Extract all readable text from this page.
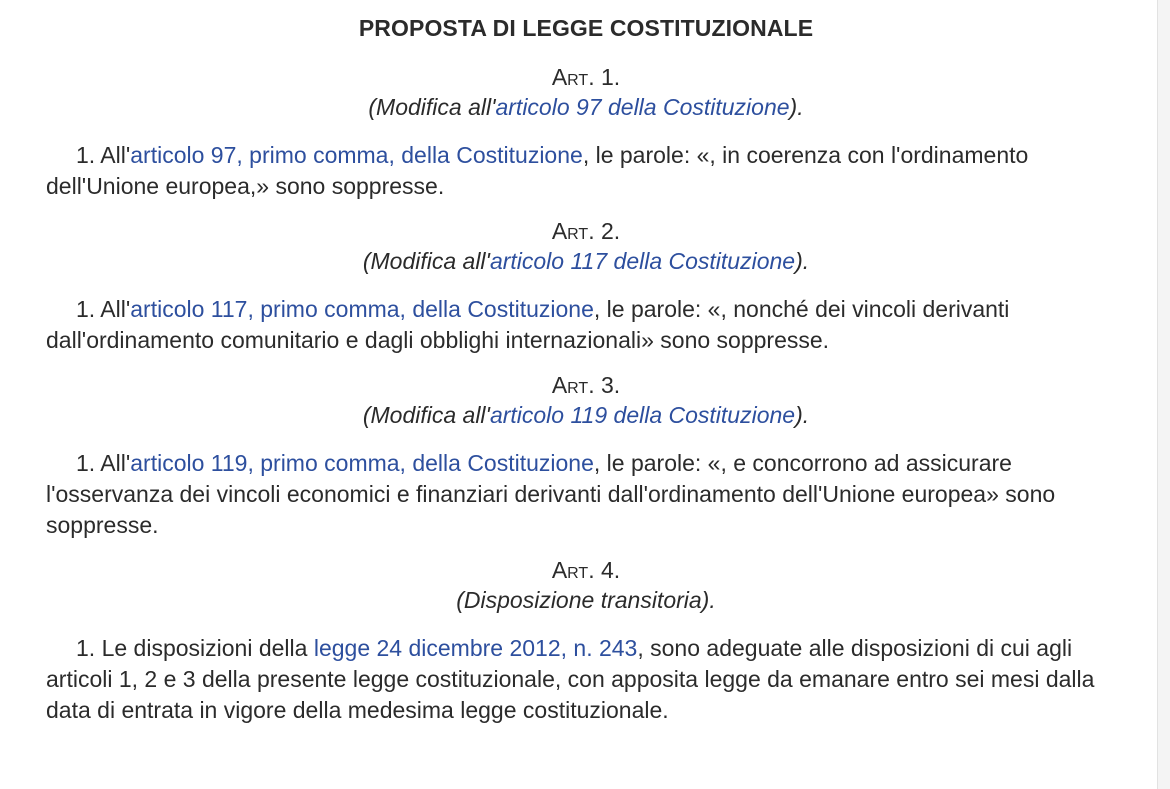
PROPOSTA DI LEGGE COSTITUZIONALE

Art. 1.

(Modifica all'articolo 97 della Costituzione).

1. All'articolo 97, primo comma, della Costituzione, le parole: «, in coerenza con l'ordinamento dell'Unione europea,» sono soppresse.

Art. 2.

(Modifica all'articolo 117 della Costituzione).

1. All'articolo 117, primo comma, della Costituzione, le parole: «, nonché dei vincoli derivanti dall'ordinamento comunitario e dagli obblighi internazionali» sono soppresse.

Art. 3.

(Modifica all'articolo 119 della Costituzione).

1. All'articolo 119, primo comma, della Costituzione, le parole: «, e concorrono ad assicurare l'osservanza dei vincoli economici e finanziari derivanti dall'ordinamento dell'Unione europea» sono soppresse.

Art. 4.

(Disposizione transitoria).

1. Le disposizioni della legge 24 dicembre 2012, n. 243, sono adeguate alle disposizioni di cui agli articoli 1, 2 e 3 della presente legge costituzionale, con apposita legge da emanare entro sei mesi dalla data di entrata in vigore della medesima legge costituzionale.
